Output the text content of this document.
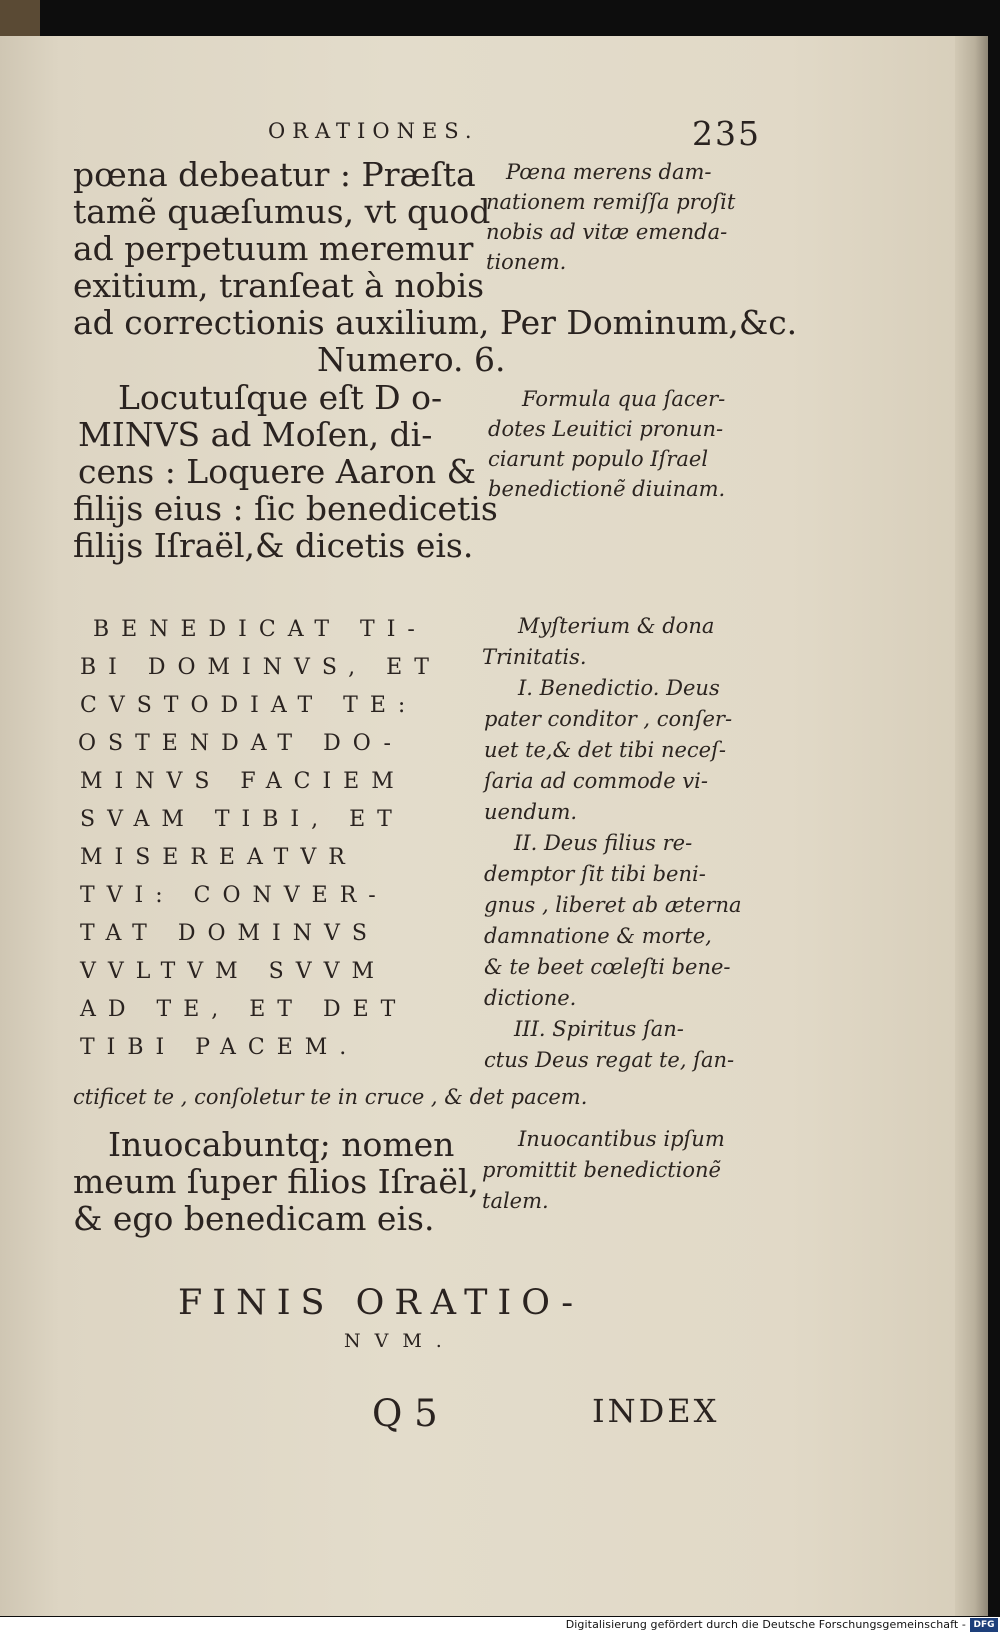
ORATIONES.	235
pœna debeatur : Præſta
tamẽ quæſumus, vt quod
ad perpetuum meremur
exitium, tranſeat à nobis
ad correctionis auxilium, Per Dominum,&c.
Pœna merens dam-
nationem remiſſa proſit
nobis ad vitæ emenda-
tionem.
Numero. 6.
Locutuſque eſt D o-
MINVS ad Moſen, di-
cens : Loquere Aaron &
filijs eius : ſic benedicetis
filijs Iſraël,& dicetis eis.
Formula qua ſacer-
dotes Leuitici pronun-
ciarunt populo Iſrael
benedictionẽ diuinam.
BENEDICAT TI-
BI DOMINVS, ET
CVSTODIAT TE:
OSTENDAT DO-
MINVS FACIEM
SVAM TIBI, ET
MISEREATVR
TVI: CONVER-
TAT DOMINVS
VVLTVM SVVM
AD TE, ET DET
TIBI PACEM.
Myſterium & dona
Trinitatis.
I. Benedictio. Deus
pater conditor , conſer-
uet te,& det tibi neceſ-
ſaria ad commode vi-
uendum.
II. Deus filius re-
demptor ſit tibi beni-
gnus , liberet ab æterna
damnatione & morte,
& te beet cœleſti bene-
dictione.
III. Spiritus ſan-
ctus Deus regat te, ſan-
ctificet te , conſoletur te in cruce , & det pacem.
Inuocabuntq; nomen
meum ſuper filios Iſraël,
& ego benedicam eis.
Inuocantibus ipſum
promittit benedictionẽ
talem.
FINIS ORATIO-
NVM.
Q 5	INDEX
Digitalisierung gefördert durch die Deutsche Forschungsgemeinschaft - DFG
